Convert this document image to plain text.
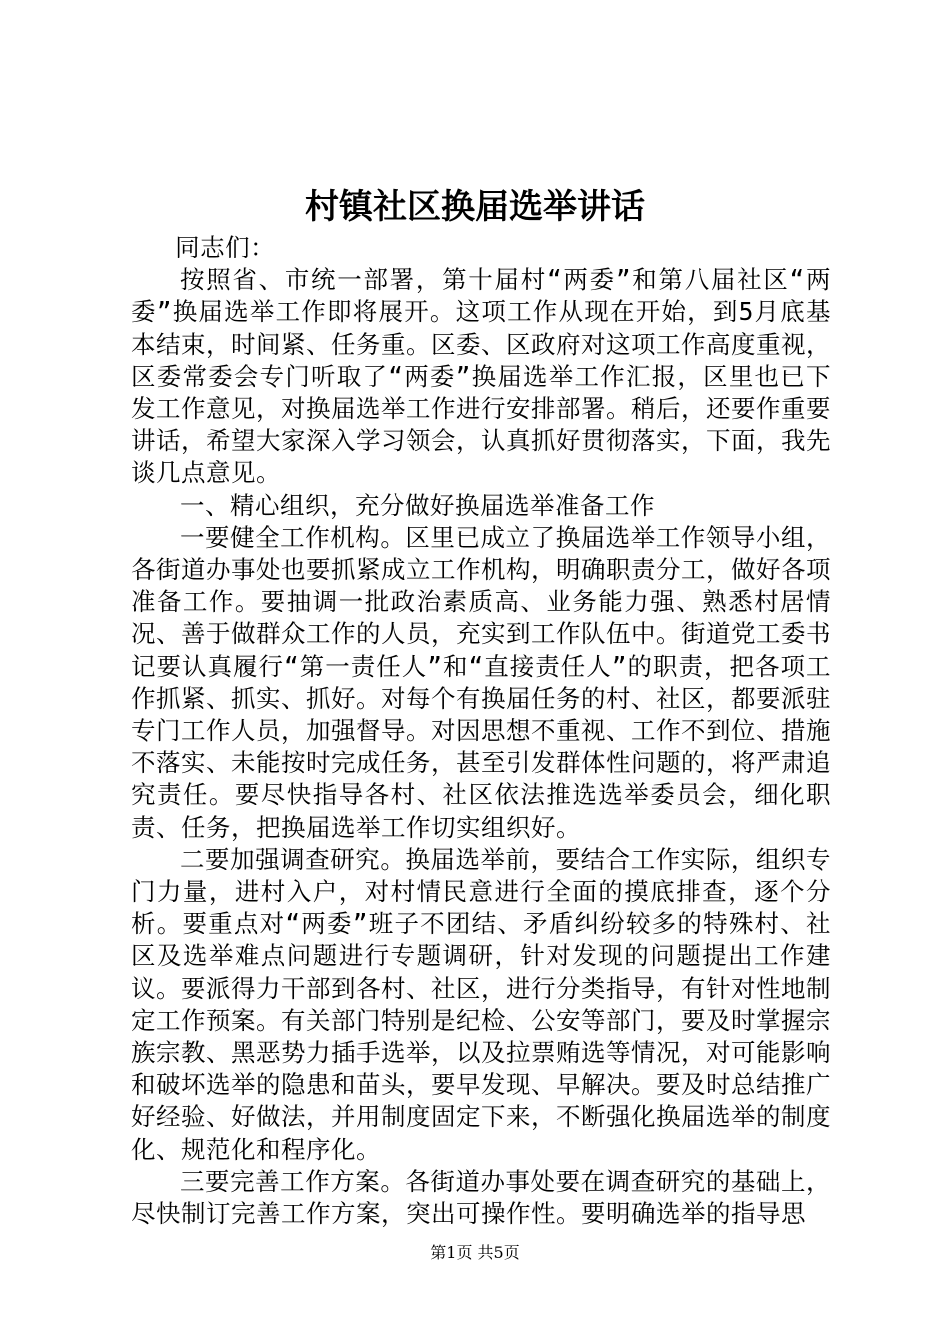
村镇社区换届选举讲话

同志们：

按照省、市统一部署，第十届村“两委”和第八届社区“两委”换届选举工作即将展开。这项工作从现在开始，到5月底基本结束，时间紧、任务重。区委、区政府对这项工作高度重视，区委常委会专门听取了“两委”换届选举工作汇报，区里也已下发工作意见，对换届选举工作进行安排部署。稍后，还要作重要讲话，希望大家深入学习领会，认真抓好贯彻落实，下面，我先谈几点意见。

一、精心组织，充分做好换届选举准备工作

一要健全工作机构。区里已成立了换届选举工作领导小组，各街道办事处也要抓紧成立工作机构，明确职责分工，做好各项准备工作。要抽调一批政治素质高、业务能力强、熟悉村居情况、善于做群众工作的人员，充实到工作队伍中。街道党工委书记要认真履行“第一责任人”和“直接责任人”的职责，把各项工作抓紧、抓实、抓好。对每个有换届任务的村、社区，都要派驻专门工作人员，加强督导。对因思想不重视、工作不到位、措施不落实、未能按时完成任务，甚至引发群体性问题的，将严肃追究责任。要尽快指导各村、社区依法推选选举委员会，细化职责、任务，把换届选举工作切实组织好。

二要加强调查研究。换届选举前，要结合工作实际，组织专门力量，进村入户，对村情民意进行全面的摸底排查，逐个分析。要重点对“两委”班子不团结、矛盾纠纷较多的特殊村、社区及选举难点问题进行专题调研，针对发现的问题提出工作建议。要派得力干部到各村、社区，进行分类指导，有针对性地制定工作预案。有关部门特别是纪检、公安等部门，要及时掌握宗族宗教、黑恶势力插手选举，以及拉票贿选等情况，对可能影响和破坏选举的隐患和苗头，要早发现、早解决。要及时总结推广好经验、好做法，并用制度固定下来，不断强化换届选举的制度化、规范化和程序化。

三要完善工作方案。各街道办事处要在调查研究的基础上，尽快制订完善工作方案，突出可操作性。要明确选举的指导思

第1页 共5页
